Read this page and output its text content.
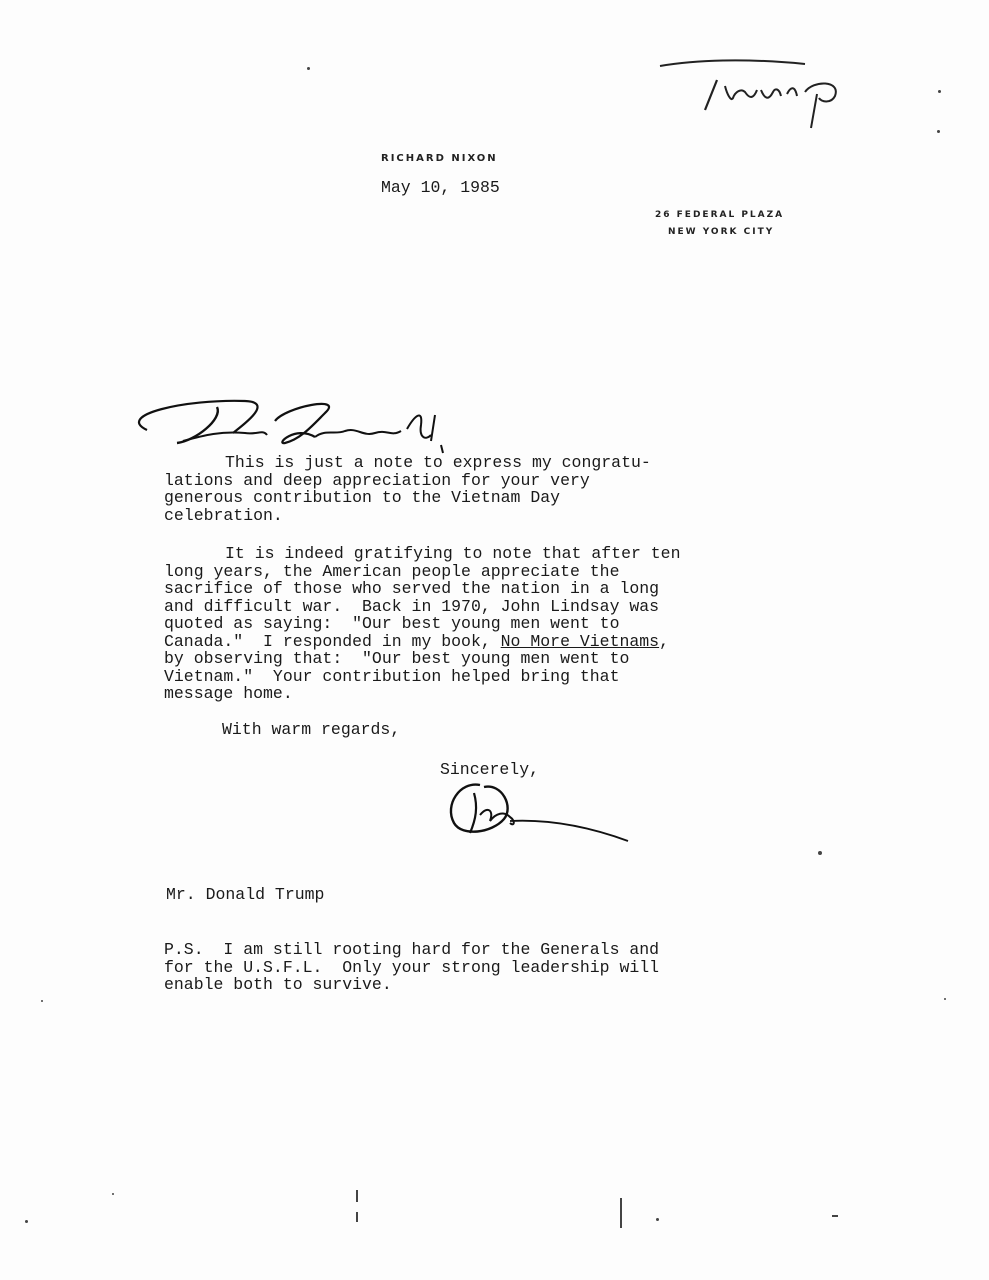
RICHARD NIXON
May 10, 1985
26 FEDERAL PLAZA
NEW YORK CITY

This is just a note to express my congratu-
lations and deep appreciation for your very
generous contribution to the Vietnam Day
celebration.
It is indeed gratifying to note that after ten
long years, the American people appreciate the
sacrifice of those who served the nation in a long
and difficult war.  Back in 1970, John Lindsay was
quoted as saying:  "Our best young men went to
Canada."  I responded in my book, No More Vietnams,
by observing that:  "Our best young men went to
Vietnam."  Your contribution helped bring that
message home.
With warm regards,
Sincerely,

Mr. Donald Trump
P.S.  I am still rooting hard for the Generals and
for the U.S.F.L.  Only your strong leadership will
enable both to survive.
